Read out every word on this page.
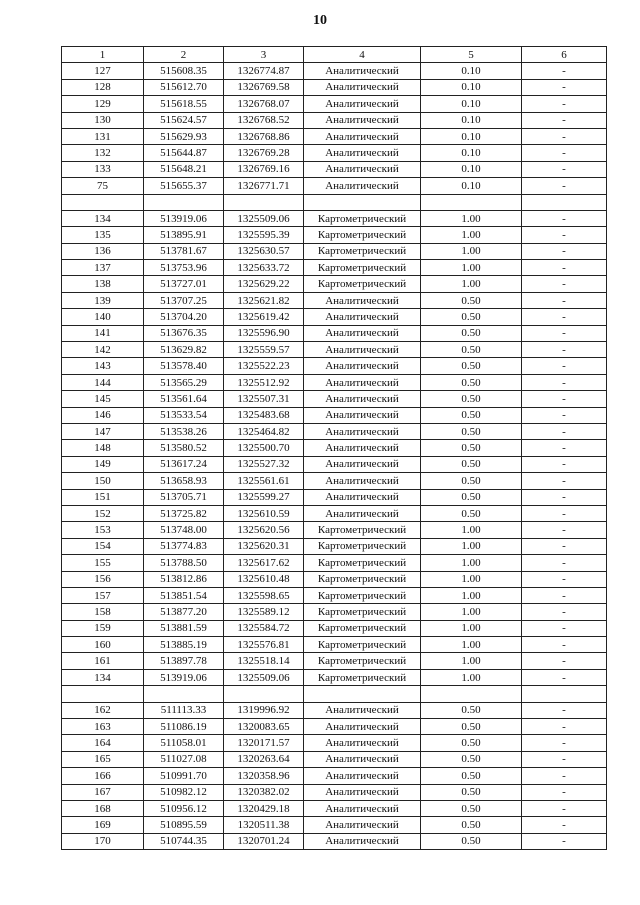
10
1	2	3	4	5	6
127	515608.35	1326774.87	Аналитический	0.10	-
128	515612.70	1326769.58	Аналитический	0.10	-
129	515618.55	1326768.07	Аналитический	0.10	-
130	515624.57	1326768.52	Аналитический	0.10	-
131	515629.93	1326768.86	Аналитический	0.10	-
132	515644.87	1326769.28	Аналитический	0.10	-
133	515648.21	1326769.16	Аналитический	0.10	-
75	515655.37	1326771.71	Аналитический	0.10	-

134	513919.06	1325509.06	Картометрический	1.00	-
135	513895.91	1325595.39	Картометрический	1.00	-
136	513781.67	1325630.57	Картометрический	1.00	-
137	513753.96	1325633.72	Картометрический	1.00	-
138	513727.01	1325629.22	Картометрический	1.00	-
139	513707.25	1325621.82	Аналитический	0.50	-
140	513704.20	1325619.42	Аналитический	0.50	-
141	513676.35	1325596.90	Аналитический	0.50	-
142	513629.82	1325559.57	Аналитический	0.50	-
143	513578.40	1325522.23	Аналитический	0.50	-
144	513565.29	1325512.92	Аналитический	0.50	-
145	513561.64	1325507.31	Аналитический	0.50	-
146	513533.54	1325483.68	Аналитический	0.50	-
147	513538.26	1325464.82	Аналитический	0.50	-
148	513580.52	1325500.70	Аналитический	0.50	-
149	513617.24	1325527.32	Аналитический	0.50	-
150	513658.93	1325561.61	Аналитический	0.50	-
151	513705.71	1325599.27	Аналитический	0.50	-
152	513725.82	1325610.59	Аналитический	0.50	-
153	513748.00	1325620.56	Картометрический	1.00	-
154	513774.83	1325620.31	Картометрический	1.00	-
155	513788.50	1325617.62	Картометрический	1.00	-
156	513812.86	1325610.48	Картометрический	1.00	-
157	513851.54	1325598.65	Картометрический	1.00	-
158	513877.20	1325589.12	Картометрический	1.00	-
159	513881.59	1325584.72	Картометрический	1.00	-
160	513885.19	1325576.81	Картометрический	1.00	-
161	513897.78	1325518.14	Картометрический	1.00	-
134	513919.06	1325509.06	Картометрический	1.00	-

162	511113.33	1319996.92	Аналитический	0.50	-
163	511086.19	1320083.65	Аналитический	0.50	-
164	511058.01	1320171.57	Аналитический	0.50	-
165	511027.08	1320263.64	Аналитический	0.50	-
166	510991.70	1320358.96	Аналитический	0.50	-
167	510982.12	1320382.02	Аналитический	0.50	-
168	510956.12	1320429.18	Аналитический	0.50	-
169	510895.59	1320511.38	Аналитический	0.50	-
170	510744.35	1320701.24	Аналитический	0.50	-
